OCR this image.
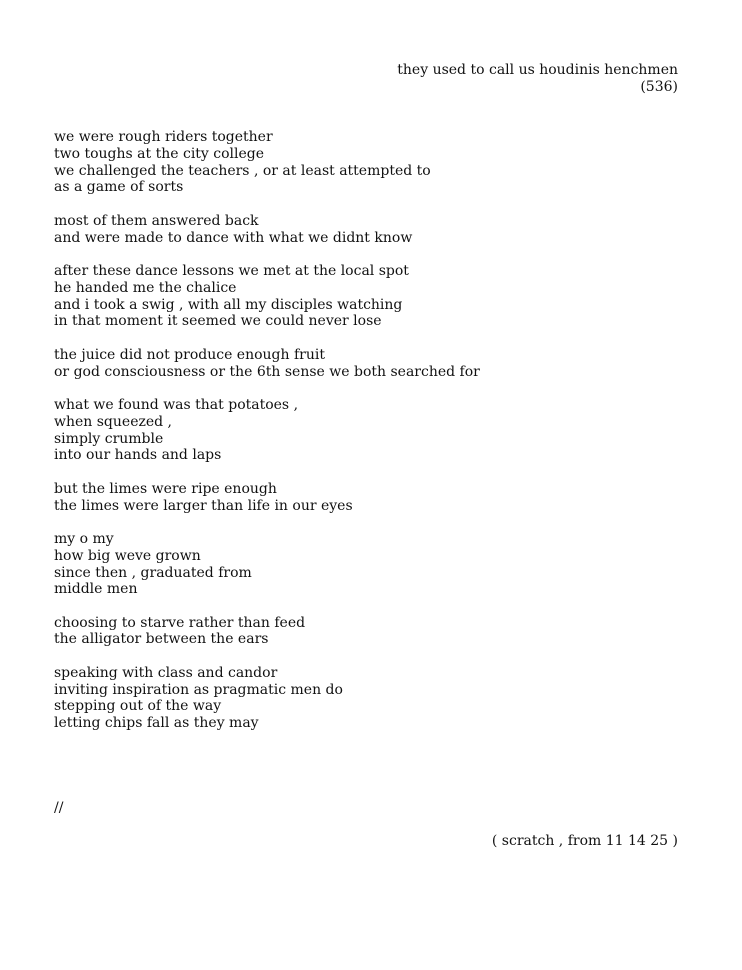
they used to call us houdinis henchmen
(536)
we were rough riders together
two toughs at the city college
we challenged the teachers , or at least attempted to
as a game of sorts
most of them answered back
and were made to dance with what we didnt know
after these dance lessons we met at the local spot
he handed me the chalice
and i took a swig , with all my disciples watching
in that moment it seemed we could never lose
the juice did not produce enough fruit
or god consciousness or the 6th sense we both searched for
what we found was that potatoes ,
when squeezed ,
simply crumble
into our hands and laps
but the limes were ripe enough
the limes were larger than life in our eyes
my o my
how big weve grown
since then , graduated from
middle men
choosing to starve rather than feed
the alligator between the ears
speaking with class and candor
inviting inspiration as pragmatic men do
stepping out of the way
letting chips fall as they may
//
( scratch , from 11 14 25 )
